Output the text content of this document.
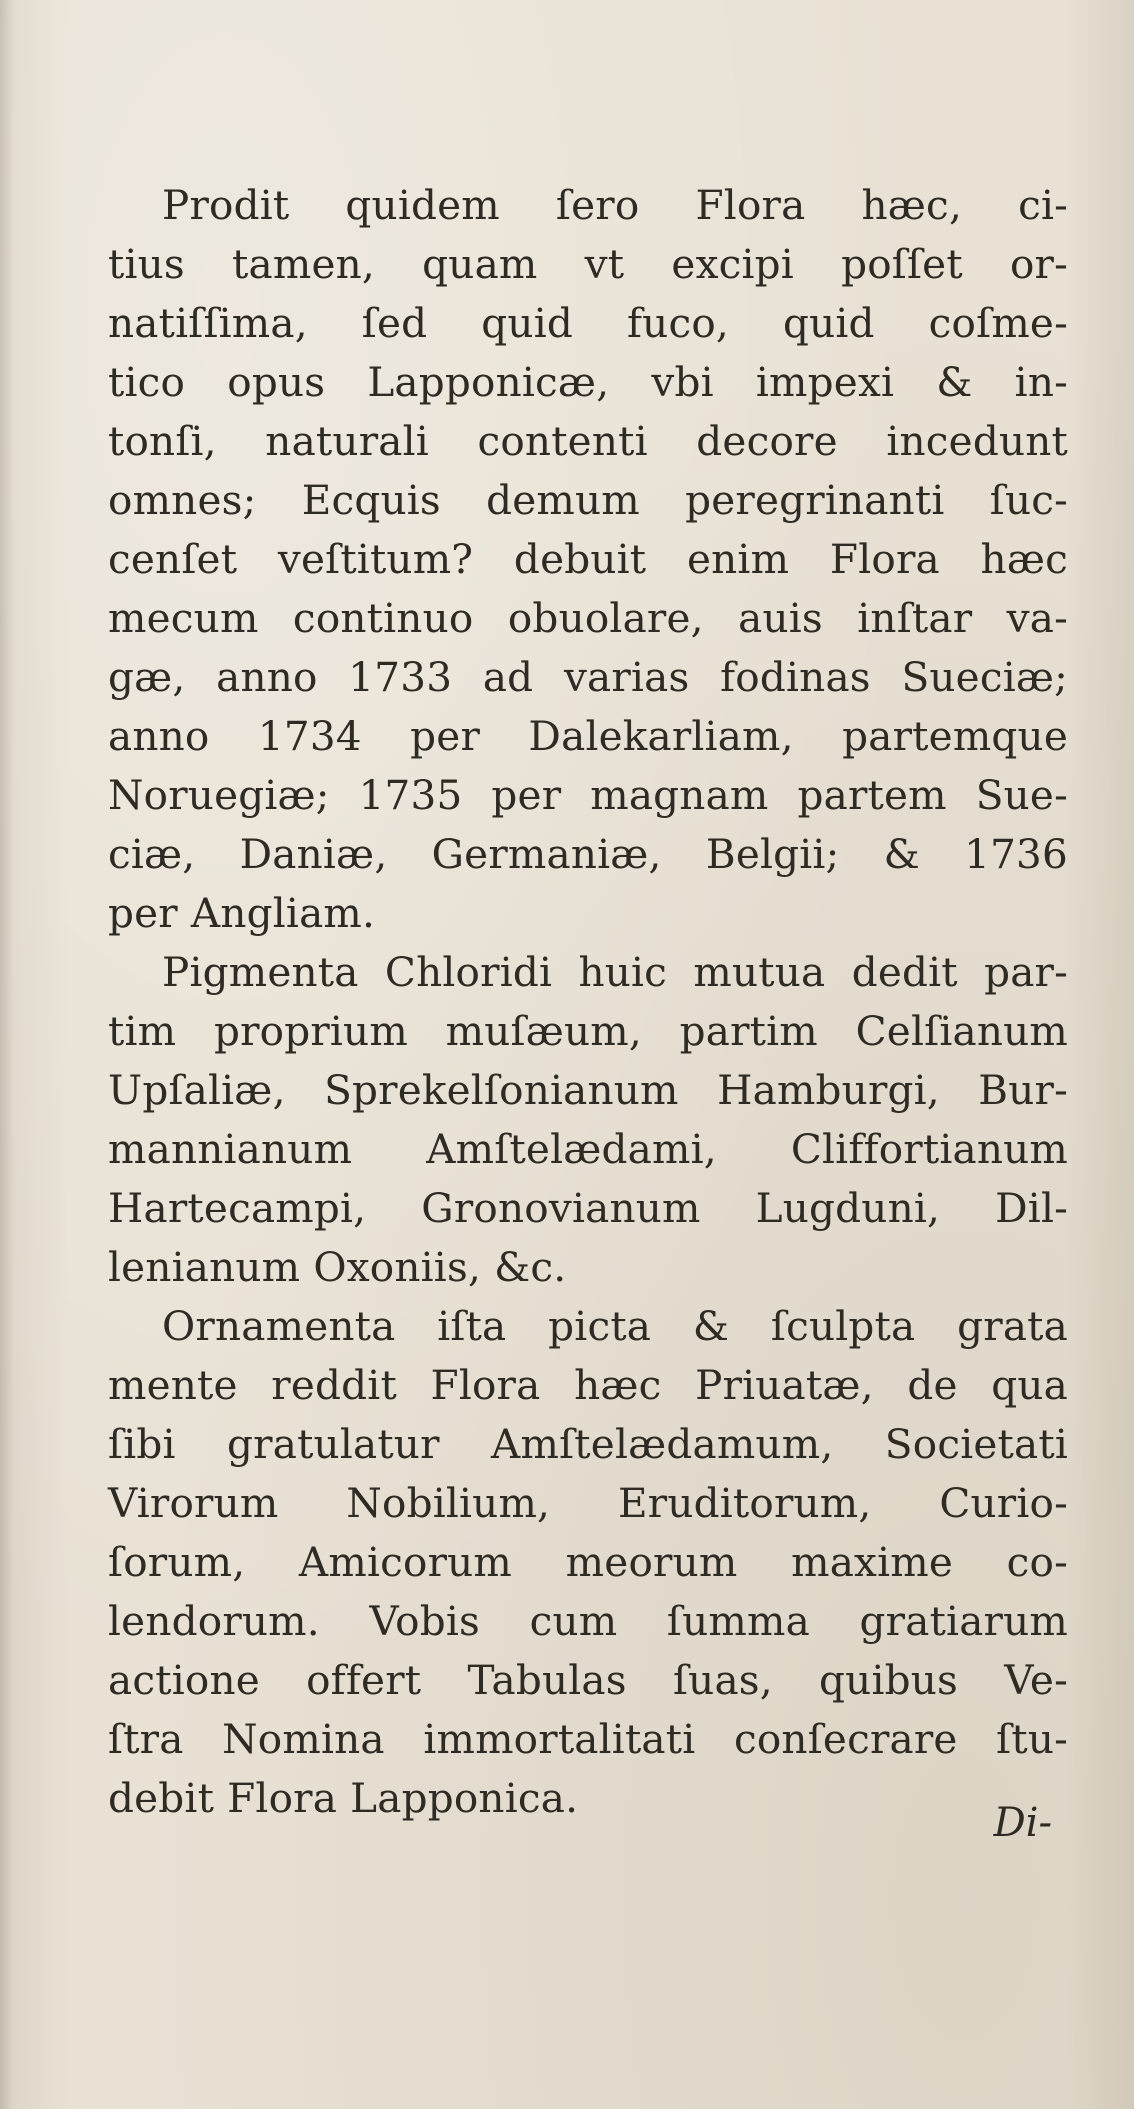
Prodit quidem ſero Flora hæc, ci-
tius tamen, quam vt excipi poſſet or-
natiſſima, ſed quid fuco, quid coſme-
tico opus Lapponicæ, vbi impexi & in-
tonſi, naturali contenti decore incedunt
omnes; Ecquis demum peregrinanti ſuc-
cenſet veſtitum? debuit enim Flora hæc
mecum continuo obuolare, auis inſtar va-
gæ, anno 1733 ad varias fodinas Sueciæ;
anno 1734 per Dalekarliam, partemque
Noruegiæ; 1735 per magnam partem Sue-
ciæ, Daniæ, Germaniæ, Belgii; & 1736
per Angliam.

Pigmenta Chloridi huic mutua dedit par-
tim proprium muſæum, partim Celſianum
Upſaliæ, Sprekelſonianum Hamburgi, Bur-
mannianum Amſtelædami, Cliffortianum
Hartecampi, Gronovianum Lugduni, Dil-
lenianum Oxoniis, &c.

Ornamenta iſta picta & ſculpta grata
mente reddit Flora hæc Priuatæ, de qua
ſibi gratulatur Amſtelædamum, Societati
Virorum Nobilium, Eruditorum, Curio-
ſorum, Amicorum meorum maxime co-
lendorum. Vobis cum ſumma gratiarum
actione offert Tabulas ſuas, quibus Ve-
ſtra Nomina immortalitati conſecrare ſtu-
debit Flora Lapponica.

Di-
